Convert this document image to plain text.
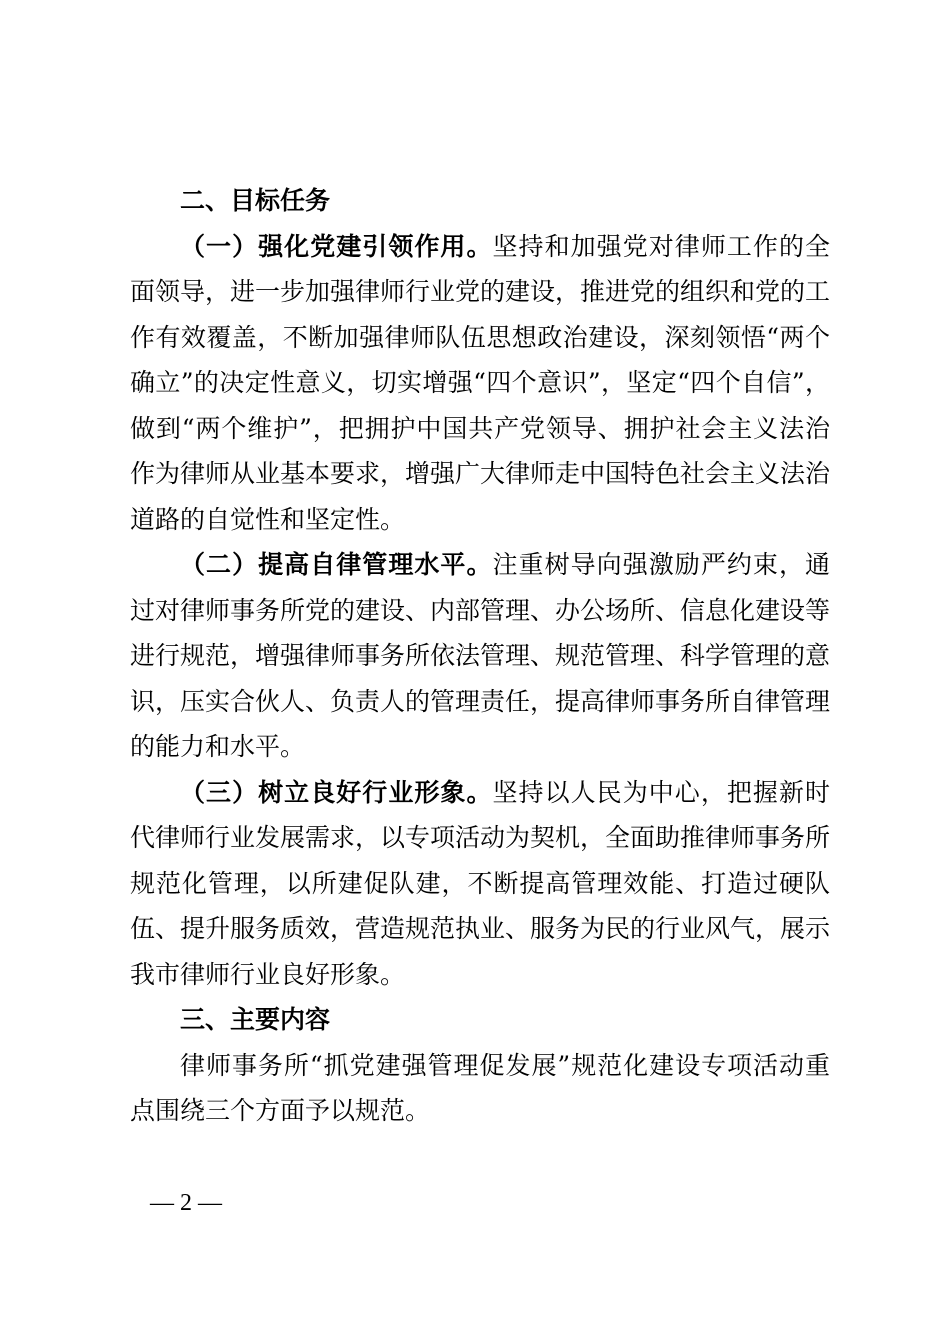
二、目标任务

（一）强化党建引领作用。坚持和加强党对律师工作的全面领导，进一步加强律师行业党的建设，推进党的组织和党的工作有效覆盖，不断加强律师队伍思想政治建设，深刻领悟“两个确立”的决定性意义，切实增强“四个意识”，坚定“四个自信”，做到“两个维护”，把拥护中国共产党领导、拥护社会主义法治作为律师从业基本要求，增强广大律师走中国特色社会主义法治道路的自觉性和坚定性。

（二）提高自律管理水平。注重树导向强激励严约束，通过对律师事务所党的建设、内部管理、办公场所、信息化建设等进行规范，增强律师事务所依法管理、规范管理、科学管理的意识，压实合伙人、负责人的管理责任，提高律师事务所自律管理的能力和水平。

（三）树立良好行业形象。坚持以人民为中心，把握新时代律师行业发展需求，以专项活动为契机，全面助推律师事务所规范化管理，以所建促队建，不断提高管理效能、打造过硬队伍、提升服务质效，营造规范执业、服务为民的行业风气，展示我市律师行业良好形象。

三、主要内容

律师事务所“抓党建强管理促发展”规范化建设专项活动重点围绕三个方面予以规范。

— 2 —
